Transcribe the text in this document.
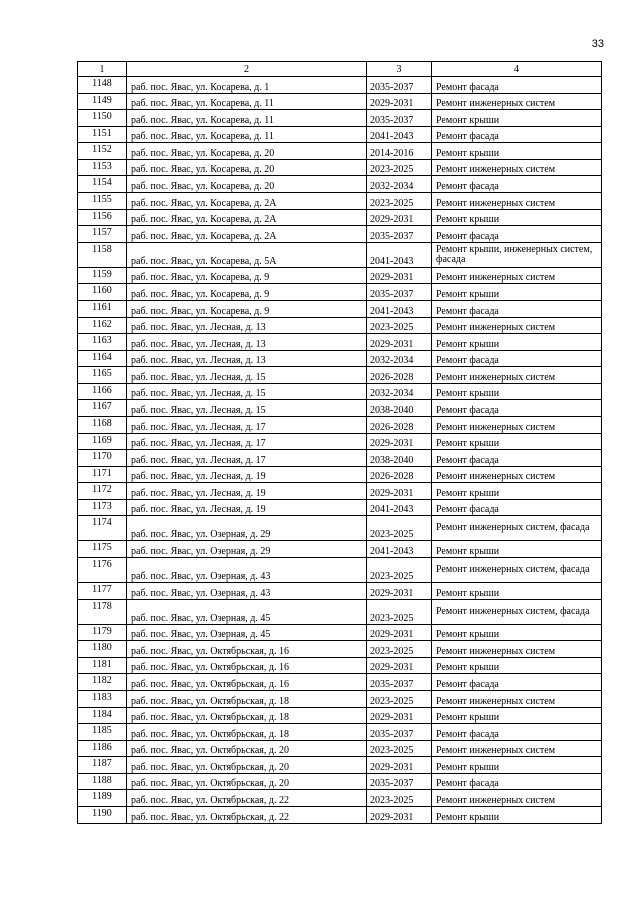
33
1	2	3	4
1148	раб. пос. Явас, ул. Косарева, д. 1	2035-2037	Ремонт фасада
1149	раб. пос. Явас, ул. Косарева, д. 11	2029-2031	Ремонт инженерных систем
1150	раб. пос. Явас, ул. Косарева, д. 11	2035-2037	Ремонт крыши
1151	раб. пос. Явас, ул. Косарева, д. 11	2041-2043	Ремонт фасада
1152	раб. пос. Явас, ул. Косарева, д. 20	2014-2016	Ремонт крыши
1153	раб. пос. Явас, ул. Косарева, д. 20	2023-2025	Ремонт инженерных систем
1154	раб. пос. Явас, ул. Косарева, д. 20	2032-2034	Ремонт фасада
1155	раб. пос. Явас, ул. Косарева, д. 2А	2023-2025	Ремонт инженерных систем
1156	раб. пос. Явас, ул. Косарева, д. 2А	2029-2031	Ремонт крыши
1157	раб. пос. Явас, ул. Косарева, д. 2А	2035-2037	Ремонт фасада
1158	раб. пос. Явас, ул. Косарева, д. 5А	2041-2043	Ремонт крыши, инженерных систем, фасада
1159	раб. пос. Явас, ул. Косарева, д. 9	2029-2031	Ремонт инженерных систем
1160	раб. пос. Явас, ул. Косарева, д. 9	2035-2037	Ремонт крыши
1161	раб. пос. Явас, ул. Косарева, д. 9	2041-2043	Ремонт фасада
1162	раб. пос. Явас, ул. Лесная, д. 13	2023-2025	Ремонт инженерных систем
1163	раб. пос. Явас, ул. Лесная, д. 13	2029-2031	Ремонт крыши
1164	раб. пос. Явас, ул. Лесная, д. 13	2032-2034	Ремонт фасада
1165	раб. пос. Явас, ул. Лесная, д. 15	2026-2028	Ремонт инженерных систем
1166	раб. пос. Явас, ул. Лесная, д. 15	2032-2034	Ремонт крыши
1167	раб. пос. Явас, ул. Лесная, д. 15	2038-2040	Ремонт фасада
1168	раб. пос. Явас, ул. Лесная, д. 17	2026-2028	Ремонт инженерных систем
1169	раб. пос. Явас, ул. Лесная, д. 17	2029-2031	Ремонт крыши
1170	раб. пос. Явас, ул. Лесная, д. 17	2038-2040	Ремонт фасада
1171	раб. пос. Явас, ул. Лесная, д. 19	2026-2028	Ремонт инженерных систем
1172	раб. пос. Явас, ул. Лесная, д. 19	2029-2031	Ремонт крыши
1173	раб. пос. Явас, ул. Лесная, д. 19	2041-2043	Ремонт фасада
1174	раб. пос. Явас, ул. Озерная, д. 29	2023-2025	Ремонт инженерных систем, фасада
1175	раб. пос. Явас, ул. Озерная, д. 29	2041-2043	Ремонт крыши
1176	раб. пос. Явас, ул. Озерная, д. 43	2023-2025	Ремонт инженерных систем, фасада
1177	раб. пос. Явас, ул. Озерная, д. 43	2029-2031	Ремонт крыши
1178	раб. пос. Явас, ул. Озерная, д. 45	2023-2025	Ремонт инженерных систем, фасада
1179	раб. пос. Явас, ул. Озерная, д. 45	2029-2031	Ремонт крыши
1180	раб. пос. Явас, ул. Октябрьская, д. 16	2023-2025	Ремонт инженерных систем
1181	раб. пос. Явас, ул. Октябрьская, д. 16	2029-2031	Ремонт крыши
1182	раб. пос. Явас, ул. Октябрьская, д. 16	2035-2037	Ремонт фасада
1183	раб. пос. Явас, ул. Октябрьская, д. 18	2023-2025	Ремонт инженерных систем
1184	раб. пос. Явас, ул. Октябрьская, д. 18	2029-2031	Ремонт крыши
1185	раб. пос. Явас, ул. Октябрьская, д. 18	2035-2037	Ремонт фасада
1186	раб. пос. Явас, ул. Октябрьская, д. 20	2023-2025	Ремонт инженерных систем
1187	раб. пос. Явас, ул. Октябрьская, д. 20	2029-2031	Ремонт крыши
1188	раб. пос. Явас, ул. Октябрьская, д. 20	2035-2037	Ремонт фасада
1189	раб. пос. Явас, ул. Октябрьская, д. 22	2023-2025	Ремонт инженерных систем
1190	раб. пос. Явас, ул. Октябрьская, д. 22	2029-2031	Ремонт крыши
